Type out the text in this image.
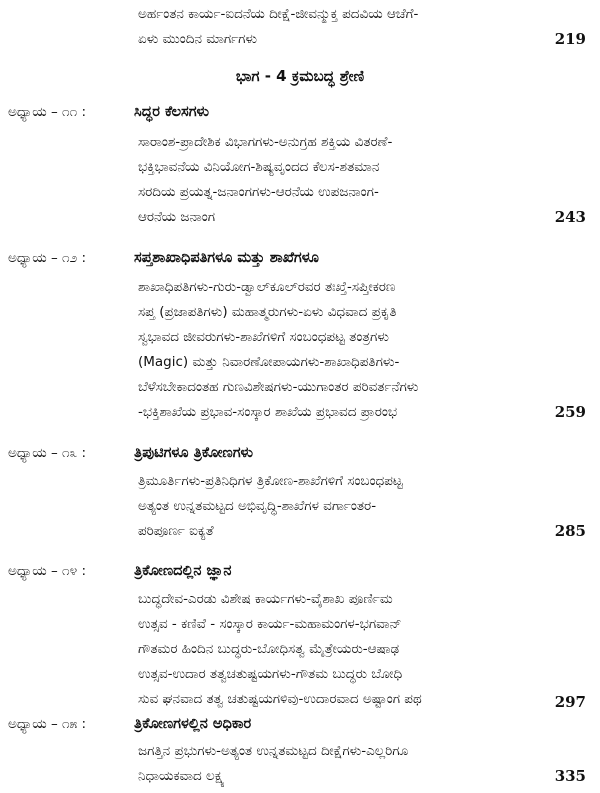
ಅರ್ಹಂತನ ಕಾರ್ಯ-ಐದನೆಯ ದೀಕ್ಷೆ-ಜೀವನ್ಮುಕ್ತ ಪದವಿಯ ಆಚೆಗೆ-
ಏಳು ಮುಂದಿನ ಮಾರ್ಗಗಳು	219
ಭಾಗ - 4 ಕ್ರಮಬದ್ಧ ಶ್ರೇಣಿ
ಅಧ್ಯಾಯ – ೧೧ :	ಸಿದ್ಧರ ಕೆಲಸಗಳು
ಸಾರಾಂಶ-ಪ್ರಾದೇಶಿಕ ವಿಭಾಗಗಳು-ಅನುಗ್ರಹ ಶಕ್ತಿಯ ವಿತರಣೆ-
ಭಕ್ತಿಭಾವನೆಯ ವಿನಿಯೋಗ-ಶಿಷ್ಯವೃಂದದ ಕೆಲಸ-ಶತಮಾನ
ಸರದಿಯ ಪ್ರಯತ್ನ-ಜನಾಂಗಗಳು-ಆರನೆಯ ಉಪಜನಾಂಗ-
ಆರನೆಯ ಜನಾಂಗ	243
ಅಧ್ಯಾಯ – ೧೨ :	ಸಪ್ತಶಾಖಾಧಿಪತಿಗಳೂ ಮತ್ತು ಶಾಖೆಗಳೂ
ಶಾಖಾಧಿಪತಿಗಳು-ಗುರು-ಡ್ವಾಲ್‌ಕೂಲ್‌ರವರ ತಃಖ್ತೆ-ಸಪ್ತೀಕರಣ
ಸಪ್ತ (ಪ್ರಜಾಪತಿಗಳು) ಮಹಾತ್ಮರುಗಳು-ಏಳು ವಿಧವಾದ ಪ್ರಕೃತಿ
ಸ್ವಭಾವದ ಜೀವರುಗಳು-ಶಾಖೆಗಳಿಗೆ ಸಂಬಂಧಪಟ್ಟ ತಂತ್ರಗಳು
(Magic) ಮತ್ತು ನಿವಾರಣೋಪಾಯಗಳು-ಶಾಖಾಧಿಪತಿಗಳು-
ಬೆಳೆಸಬೇಕಾದಂತಹ ಗುಣವಿಶೇಷಗಳು-ಯುಗಾಂತರ ಪರಿವರ್ತನೆಗಳು
-ಭಕ್ತಿಶಾಖೆಯ ಪ್ರಭಾವ-ಸಂಸ್ಕಾರ ಶಾಖೆಯ ಪ್ರಭಾವದ ಪ್ರಾರಂಭ	259
ಅಧ್ಯಾಯ – ೧೩ :	ತ್ರಿಪುಟಿಗಳೂ ತ್ರಿಕೋಣಗಳು
ತ್ರಿಮೂರ್ತಿಗಳು-ಪ್ರತಿನಿಧಿಗಳ ತ್ರಿಕೋಣ-ಶಾಖೆಗಳಿಗೆ ಸಂಬಂಧಪಟ್ಟ
ಅತ್ಯಂತ ಉನ್ನತಮಟ್ಟದ ಅಭಿವೃದ್ಧಿ-ಶಾಖೆಗಳ ವರ್ಗಾಂತರ-
ಪರಿಪೂರ್ಣ ಐಕ್ಯತೆ	285
ಅಧ್ಯಾಯ – ೧೪ :	ತ್ರಿಕೋಣದಲ್ಲಿನ ಜ್ಞಾನ
ಬುದ್ಧದೇವ-ಎರಡು ವಿಶೇಷ ಕಾರ್ಯಗಳು-ವೈಶಾಖ ಪೂರ್ಣಿಮ
ಉತ್ಸವ - ಕಣಿವೆ - ಸಂಸ್ಕಾರ ಕಾರ್ಯ-ಮಹಾಮಂಗಳ-ಭಗವಾನ್
ಗೌತಮರ ಹಿಂದಿನ ಬುದ್ಧರು-ಬೋಧಿಸತ್ವ ಮೈತ್ರೇಯರು-ಆಷಾಢ
ಉತ್ಸವ-ಉದಾರ ತತ್ವಚತುಷ್ಟಯಗಳು-ಗೌತಮ ಬುದ್ಧರು ಬೋಧಿ
ಸುವ ಘನವಾದ ತತ್ವ ಚತುಷ್ಟಯಗಳಿವು-ಉದಾರವಾದ ಅಷ್ಟಾಂಗ ಪಥ	297
ಅಧ್ಯಾಯ – ೧೫ :	ತ್ರಿಕೋಣಗಳಲ್ಲಿನ ಅಧಿಕಾರ
ಜಗತ್ತಿನ ಪ್ರಭುಗಳು-ಅತ್ಯಂತ ಉನ್ನತಮಟ್ಟದ ದೀಕ್ಷೆಗಳು-ಎಲ್ಲರಿಗೂ
ನಿಧಾಯಕವಾದ ಲಕ್ಷ್ಯ	335
